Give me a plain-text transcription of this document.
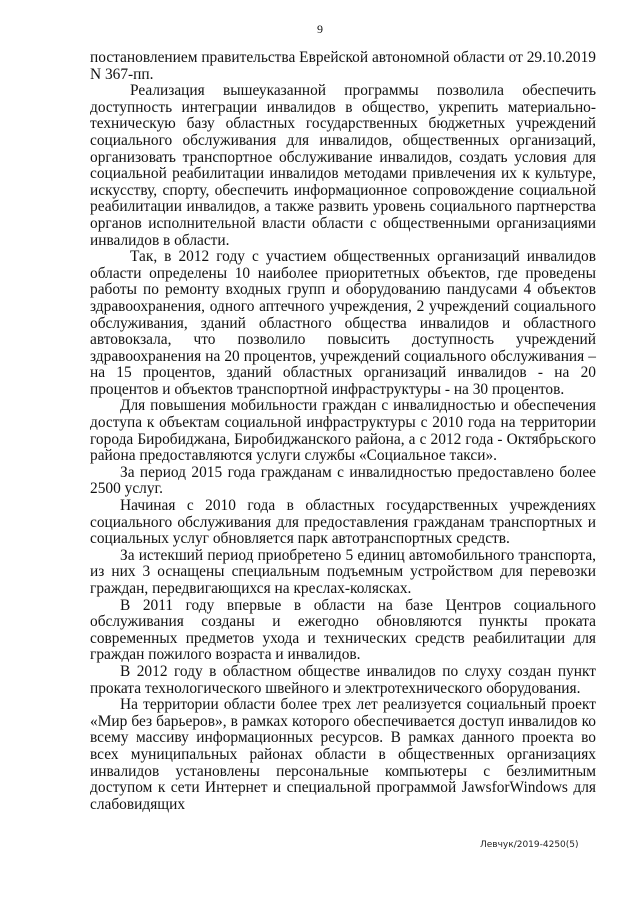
9

постановлением правительства Еврейской автономной области от 29.10.2019 N 367-пп.

Реализация вышеуказанной программы позволила обеспечить доступность интеграции инвалидов в общество, укрепить материально-техническую базу областных государственных бюджетных учреждений социального обслуживания для инвалидов, общественных организаций, организовать транспортное обслуживание инвалидов, создать условия для социальной реабилитации инвалидов методами привлечения их к культуре, искусству, спорту, обеспечить информационное сопровождение социальной реабилитации инвалидов, а также развить уровень социального партнерства органов исполнительной власти области с общественными организациями инвалидов в области.

Так, в 2012 году с участием общественных организаций инвалидов области определены 10 наиболее приоритетных объектов, где проведены работы по ремонту входных групп и оборудованию пандусами 4 объектов здравоохранения, одного аптечного учреждения, 2 учреждений социального обслуживания, зданий областного общества инвалидов и областного автовокзала, что позволило повысить доступность учреждений здравоохранения на 20 процентов, учреждений социального обслуживания – на 15 процентов, зданий областных организаций инвалидов - на 20 процентов и объектов транспортной инфраструктуры - на 30 процентов.

Для повышения мобильности граждан с инвалидностью и обеспечения доступа к объектам социальной инфраструктуры с 2010 года на территории города Биробиджана, Биробиджанского района, а с 2012 года - Октябрьского района предоставляются услуги службы «Социальное такси».

За период 2015 года гражданам с инвалидностью предоставлено более 2500 услуг.

Начиная с 2010 года в областных государственных учреждениях социального обслуживания для предоставления гражданам транспортных и социальных услуг обновляется парк автотранспортных средств.

За истекший период приобретено 5 единиц автомобильного транспорта, из них 3 оснащены специальным подъемным устройством для перевозки граждан, передвигающихся на креслах-колясках.

В 2011 году впервые в области на базе Центров социального обслуживания созданы и ежегодно обновляются пункты проката современных предметов ухода и технических средств реабилитации для граждан пожилого возраста и инвалидов.

В 2012 году в областном обществе инвалидов по слуху создан пункт проката технологического швейного и электротехнического оборудования.

На территории области более трех лет реализуется социальный проект «Мир без барьеров», в рамках которого обеспечивается доступ инвалидов ко всему массиву информационных ресурсов. В рамках данного проекта во всех муниципальных районах области в общественных организациях инвалидов установлены персональные компьютеры с безлимитным доступом к сети Интернет и специальной программой JawsforWindows для слабовидящих

Левчук/2019-4250(5)
